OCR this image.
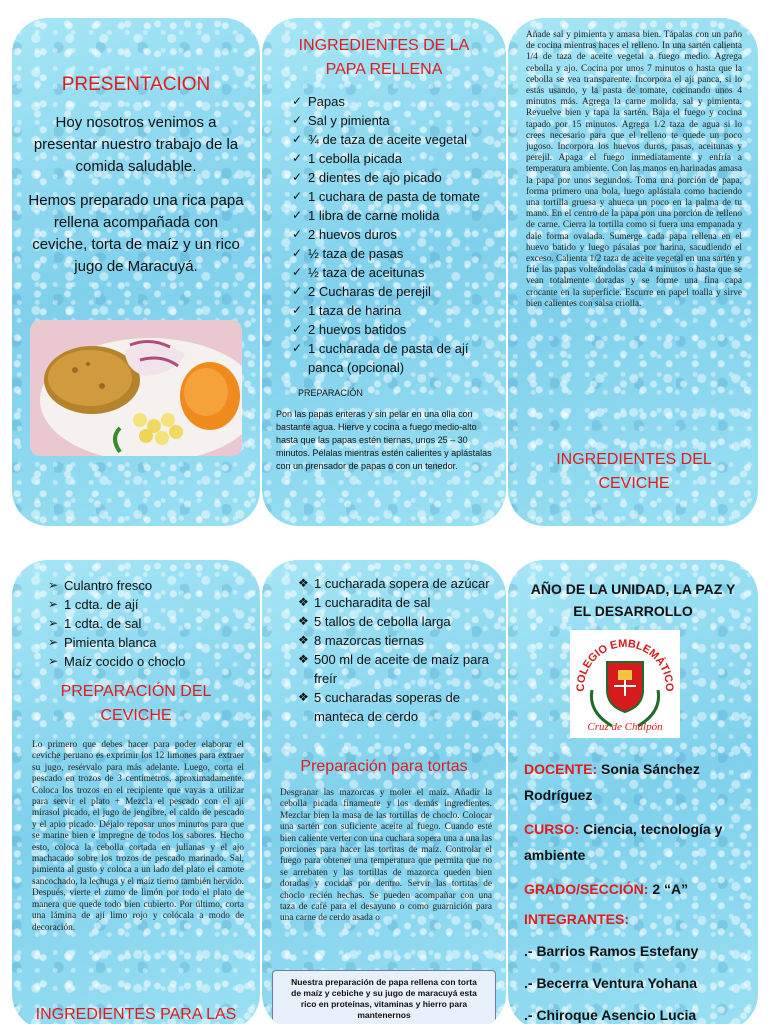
PRESENTACION
Hoy nosotros venimos a presentar nuestro trabajo de la comida saludable.
Hemos preparado una rica papa rellena acompañada con ceviche, torta de maíz y un rico jugo de Maracuyá.
INGREDIENTES DE LA PAPA RELLENA
✓ Papas
✓ Sal y pimienta
✓ ¾ de taza de aceite vegetal
✓ 1 cebolla picada
✓ 2 dientes de ajo picado
✓ 1 cuchara de pasta de tomate
✓ 1 libra de carne molida
✓ 2 huevos duros
✓ ½ taza de pasas
✓ ½ taza de aceitunas
✓ 2 Cucharas de perejil
✓ 1 taza de harina
✓ 2 huevos batidos
✓ 1 cucharada de pasta de ají panca (opcional)
PREPARACIÓN
Pon las papas enteras y sin pelar en una olla con bastante agua. Hierve y cocina a fuego medio-alto hasta que las papas estén tiernas, unos 25 – 30 minutos. Pélalas mientras estén calientes y aplástalas con un prensador de papas o con un tenedor.
Añade sal y pimienta y amasa bien. Tápalas con un paño de cocina mientras haces el relleno. In una sartén calienta 1/4 de taza de aceite vegetal a fuego medio. Agrega cebolla y ajo. Cocina por unos 7 minutos o hasta que la cebolla se vea transparente. Incorpora el ají panca, si lo estás usando, y la pasta de tomate, cocinando unos 4 minutos más. Agrega la carne molida, sal y pimienta. Revuelve bien y tapa la sartén. Baja el fuego y cocina tapado por 15 minutos. Agrega 1/2 taza de agua si lo crees necesario para que el relleno te quede un poco jugoso. Incorpora los huevos duros, pasas, aceitunas y perejil. Apaga el fuego inmediatamente y enfría a temperatura ambiente. Con las manos en harinadas amasa la papa por unos segundos. Toma una porción de papa, forma primero una bola, luego aplástala como haciendo una tortilla gruesa y ahueca un poco en la palma de tu mano. En el centro de la papa pon una porción de relleno de carne. Cierra la tortilla como si fuera una empanada y dale forma ovalada. Sumerge cada papa rellena en el huevo batido y luego pásalas por harina, sacudiendo el exceso. Calienta 1/2 taza de aceite vegetal en una sartén y fríe las papas volteándolas cada 4 minutos o hasta que se vean totalmente doradas y se forme una fina capa crocante en la superficie. Escurre en papel toalla y sirve bien calientes con salsa criolla.
INGREDIENTES DEL CEVICHE
➢ Culantro fresco
➢ 1 cdta. de ají
➢ 1 cdta. de sal
➢ Pimienta blanca
➢ Maíz cocido o choclo
PREPARACIÓN DEL CEVICHE
Lo primero que debes hacer para poder elaborar el ceviche peruano es exprimir los 12 limones para extraer su jugo, resérvalo para más adelante. Luego, corta el pescado en trozos de 3 centímetros, aproximadamente. Coloca los trozos en el recipiente que vayas a utilizar para servir el plato + Mezcla el pescado con el ají mirasol picado, el jugo de jengibre, el caldo de pescado y el apio picado. Déjalo reposar unos minutos para que se marine bien e impregne de todos los sabores. Hecho esto, coloca la cebolla cortada en julianas y el ajo machacado sobre los trozos de pescado marinado. Sal, pimienta al gusto y coloca a un lado del plato el camote sancochado, la lechuga y el maíz tierno también hervido. Después, vierte el zumo de limón por todo el plato de manera que quede todo bien cubierto. Por último, corta una lámina de ají limo rojo y colócala a modo de decoración.
INGREDIENTES PARA LAS
❖ 1 cucharada sopera de azúcar
❖ 1 cucharadita de sal
❖ 5 tallos de cebolla larga
❖ 8 mazorcas tiernas
❖ 500 ml de aceite de maíz para freír
❖ 5 cucharadas soperas de manteca de cerdo
Preparación para tortas
Desgranar las mazorcas y moler el maíz. Añadir la cebolla picada finamente y los demás ingredientes. Mezclar bien la masa de las tortillas de choclo. Colocar una sartén con suficiente aceite al fuego. Cuando esté bien caliente verter con una cuchara sopera una a una las porciones para hacer las tortitas de maíz. Controlar el fuego para obtener una temperatura que permita que no se arrebaten y las tortillas de mazorca queden bien doradas y cocidas por dentro. Servir las tortitas de choclo recién hechas. Se pueden acompañar con una taza de café para el desayuno o como guarnición para una carne de cerdo asada o
Nuestra preparación de papa rellena con torta de maíz y cebiche y su jugo de maracuyá esta rico en proteínas, vitaminas y hierro para mantenernos
AÑO DE LA UNIDAD, LA PAZ Y EL DESARROLLO
COLEGIO EMBLEMÁTICO
Cruz de Chalpón
DOCENTE: Sonia Sánchez Rodríguez
CURSO: Ciencia, tecnología y ambiente
GRADO/SECCIÓN: 2 “A”
INTEGRANTES:
.- Barrios Ramos Estefany
.- Becerra Ventura Yohana
.- Chiroque Asencio Lucia
